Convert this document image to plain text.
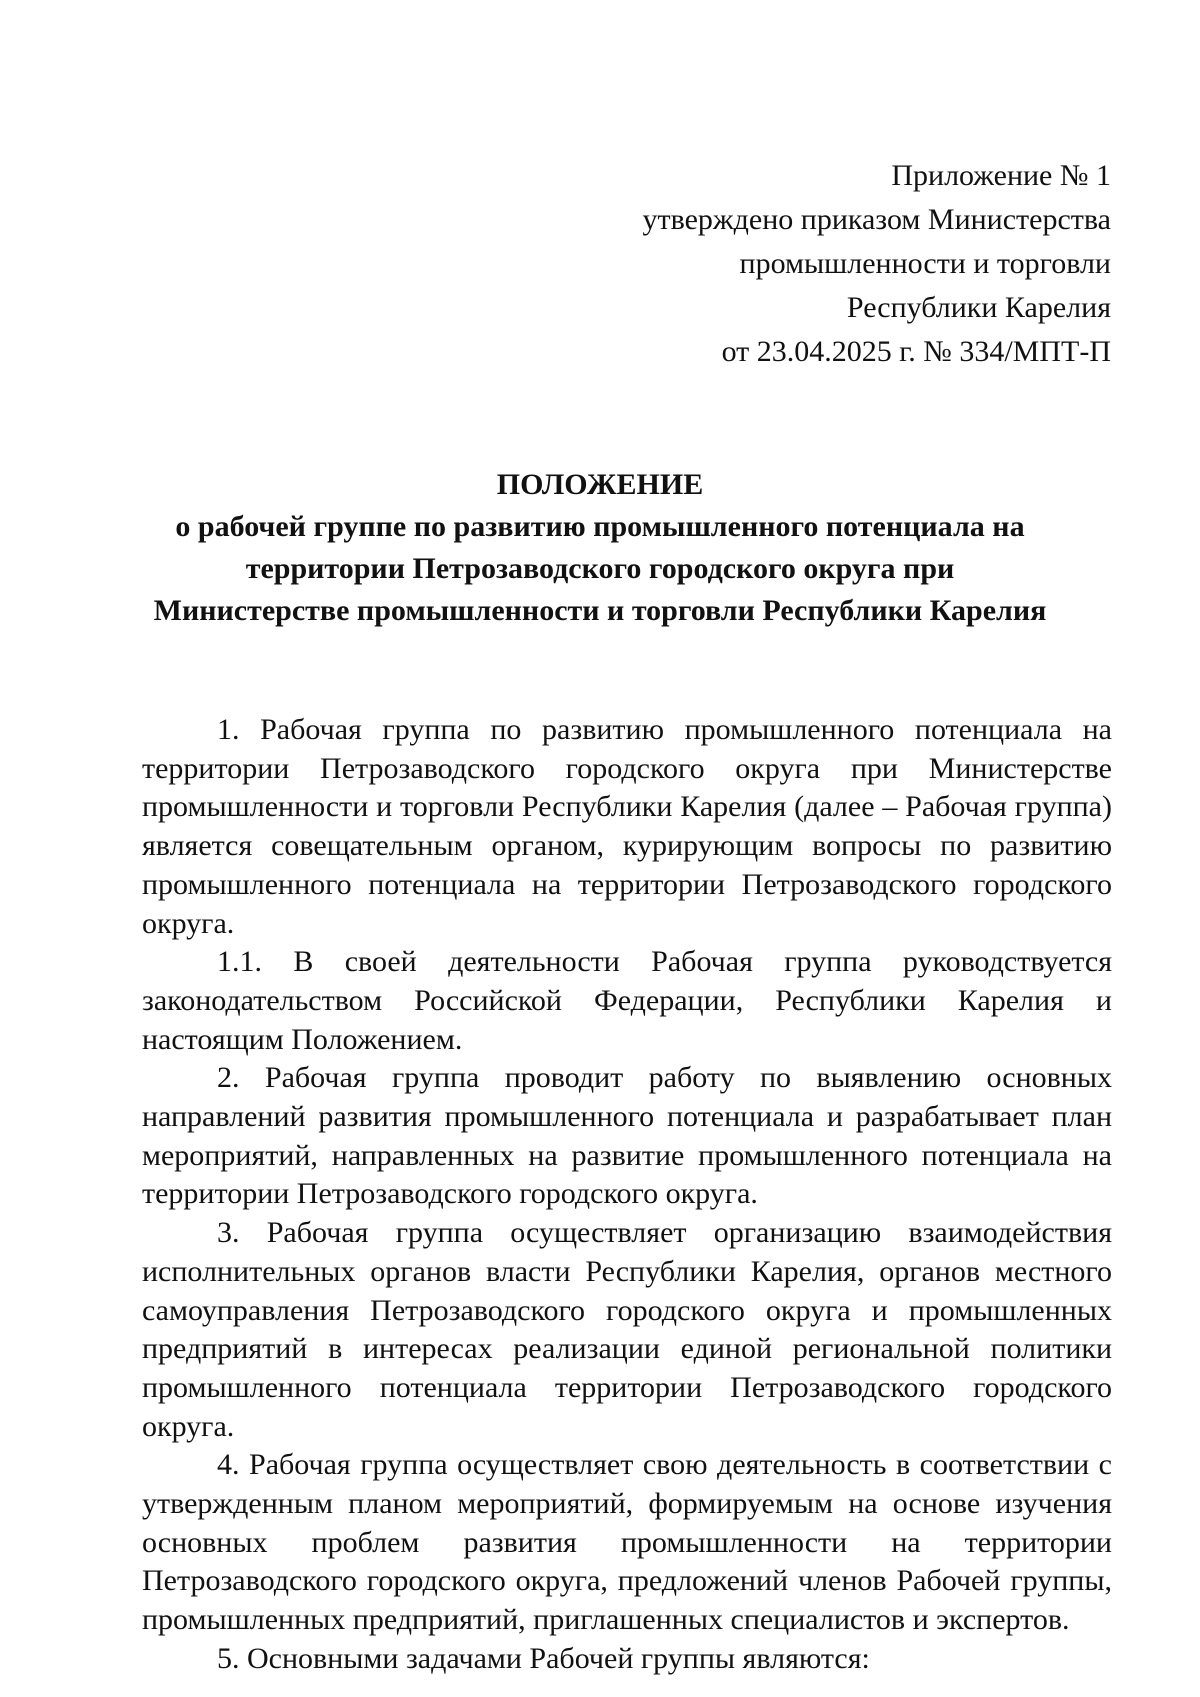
Приложение № 1
утверждено приказом Министерства
промышленности и торговли
Республики Карелия
от 23.04.2025 г. № 334/МПТ-П
ПОЛОЖЕНИЕ
о рабочей группе по развитию промышленного потенциала на
территории Петрозаводского городского округа при
Министерстве промышленности и торговли Республики Карелия

1. Рабочая группа по развитию промышленного потенциала на территории Петрозаводского городского округа при Министерстве промышленности и торговли Республики Карелия (далее – Рабочая группа) является совещательным органом, курирующим вопросы по развитию промышленного потенциала на территории Петрозаводского городского округа.

1.1. В своей деятельности Рабочая группа руководствуется законодательством Российской Федерации, Республики Карелия и настоящим Положением.

2. Рабочая группа проводит работу по выявлению основных направлений развития промышленного потенциала и разрабатывает план мероприятий, направленных на развитие промышленного потенциала на территории Петрозаводского городского округа.

3. Рабочая группа осуществляет организацию взаимодействия исполнительных органов власти Республики Карелия, органов местного самоуправления Петрозаводского городского округа и промышленных предприятий в интересах реализации единой региональной политики промышленного потенциала территории Петрозаводского городского округа.

4. Рабочая группа осуществляет свою деятельность в соответствии с утвержденным планом мероприятий, формируемым на основе изучения основных проблем развития промышленности на территории Петрозаводского городского округа, предложений членов Рабочей группы, промышленных предприятий, приглашенных специалистов и экспертов.

5. Основными задачами Рабочей группы являются:
